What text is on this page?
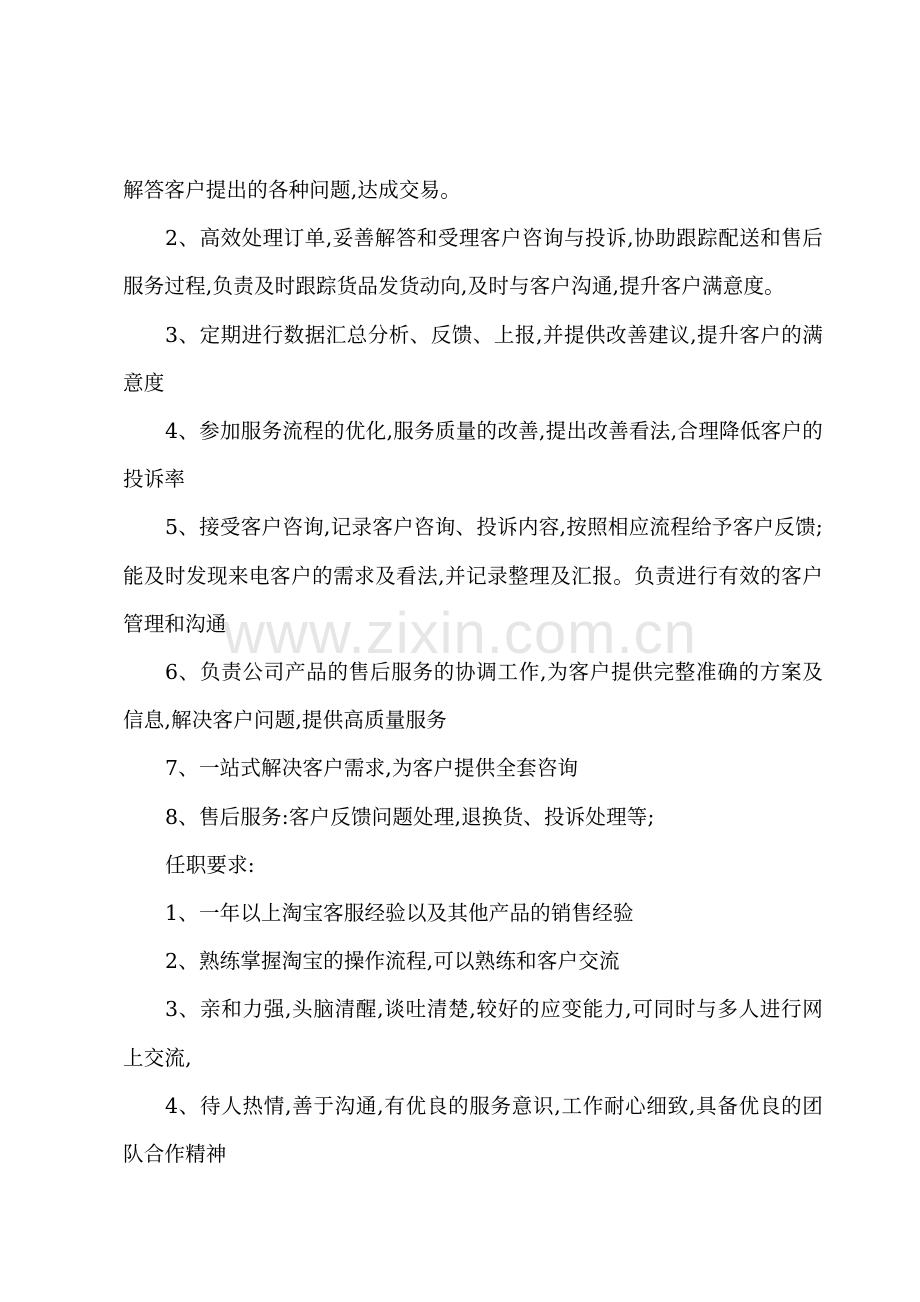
解答客户提出的各种问题,达成交易。

2、高效处理订单,妥善解答和受理客户咨询与投诉,协助跟踪配送和售后服务过程,负责及时跟踪货品发货动向,及时与客户沟通,提升客户满意度。

3、定期进行数据汇总分析、反馈、上报,并提供改善建议,提升客户的满意度

4、参加服务流程的优化,服务质量的改善,提出改善看法,合理降低客户的投诉率

5、接受客户咨询,记录客户咨询、投诉内容,按照相应流程给予客户反馈;能及时发现来电客户的需求及看法,并记录整理及汇报。负责进行有效的客户管理和沟通

6、负责公司产品的售后服务的协调工作,为客户提供完整准确的方案及信息,解决客户问题,提供高质量服务

7、一站式解决客户需求,为客户提供全套咨询

8、售后服务:客户反馈问题处理,退换货、投诉处理等;

任职要求:

1、一年以上淘宝客服经验以及其他产品的销售经验

2、熟练掌握淘宝的操作流程,可以熟练和客户交流

3、亲和力强,头脑清醒,谈吐清楚,较好的应变能力,可同时与多人进行网上交流,

4、待人热情,善于沟通,有优良的服务意识,工作耐心细致,具备优良的团队合作精神

www.zixin.com.cn
